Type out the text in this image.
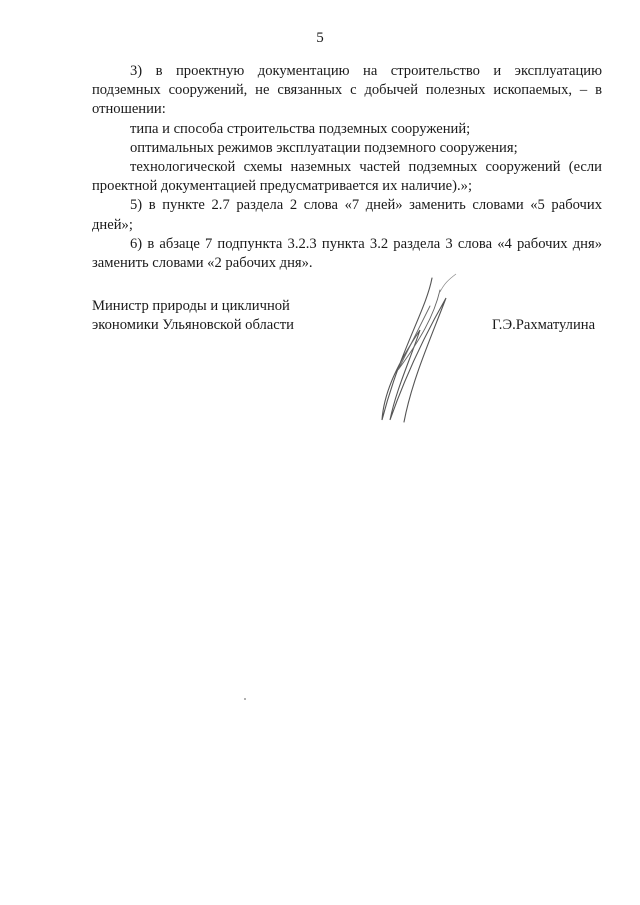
5

3) в проектную документацию на строительство и эксплуатацию подземных сооружений, не связанных с добычей полезных ископаемых, – в отношении:

типа и способа строительства подземных сооружений;

оптимальных режимов эксплуатации подземного сооружения;

технологической схемы наземных частей подземных сооружений (если проектной документацией предусматривается их наличие).»;

5) в пункте 2.7 раздела 2 слова «7 дней» заменить словами «5 рабочих дней»;

6) в абзаце 7 подпункта 3.2.3 пункта 3.2 раздела 3 слова «4 рабочих дня» заменить словами «2 рабочих дня».

Министр природы и цикличной
экономики Ульяновской области	Г.Э.Рахматулина
